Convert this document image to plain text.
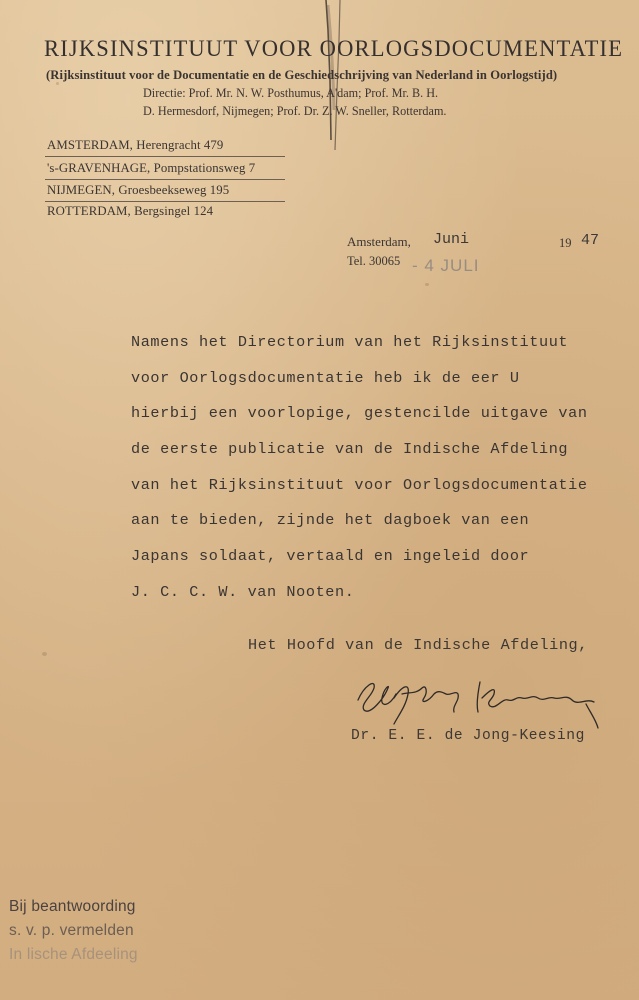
RIJKSINSTITUUT VOOR OORLOGSDOCUMENTATIE
(Rijksinstituut voor de Documentatie en de Geschiedschrijving van Nederland in Oorlogstijd)
Directie: Prof. Mr. N. W. Posthumus, A'dam; Prof. Mr. B. H.
D. Hermesdorf, Nijmegen; Prof. Dr. Z. W. Sneller, Rotterdam.
AMSTERDAM, Herengracht 479
's-GRAVENHAGE, Pompstationsweg 7
NIJMEGEN, Groesbeekseweg 195
ROTTERDAM, Bergsingel 124
Amsterdam, Juni	19 47
Tel. 30065 - 4 JULI
Namens het Directorium van het Rijksinstituut
voor Oorlogsdocumentatie heb ik de eer U
hierbij een voorlopige, gestencilde uitgave van
de eerste publicatie van de Indische Afdeling
van het Rijksinstituut voor Oorlogsdocumentatie
aan te bieden, zijnde het dagboek van een
Japans soldaat, vertaald en ingeleid door
J. C. C. W. van Nooten.
Het Hoofd van de Indische Afdeling,
Dr. E. E. de Jong-Keesing
Bij beantwoording
s. v. p. vermelden
In lische Afdeeling
